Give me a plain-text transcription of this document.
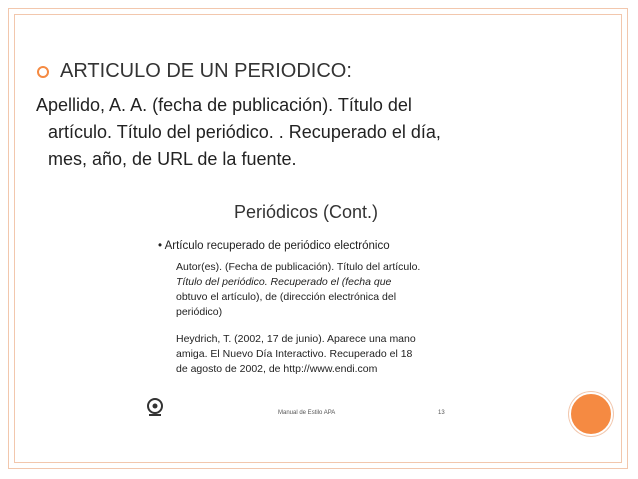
ARTICULO DE UN PERIODICO:
Apellido, A. A. (fecha de publicación). Título del
artículo. Título del periódico. . Recuperado el día,
mes, año, de URL de la fuente.
Periódicos (Cont.)
• Artículo recuperado de periódico electrónico
Autor(es). (Fecha de publicación). Título del artículo.
Título del periódico. Recuperado el (fecha que
obtuvo el artículo), de (dirección electrónica del
periódico)
Heydrich, T. (2002, 17 de junio). Aparece una mano
amiga. El Nuevo Día Interactivo. Recuperado el 18
de agosto de 2002, de http://www.endi.com
Manual de Estilo APA	13
